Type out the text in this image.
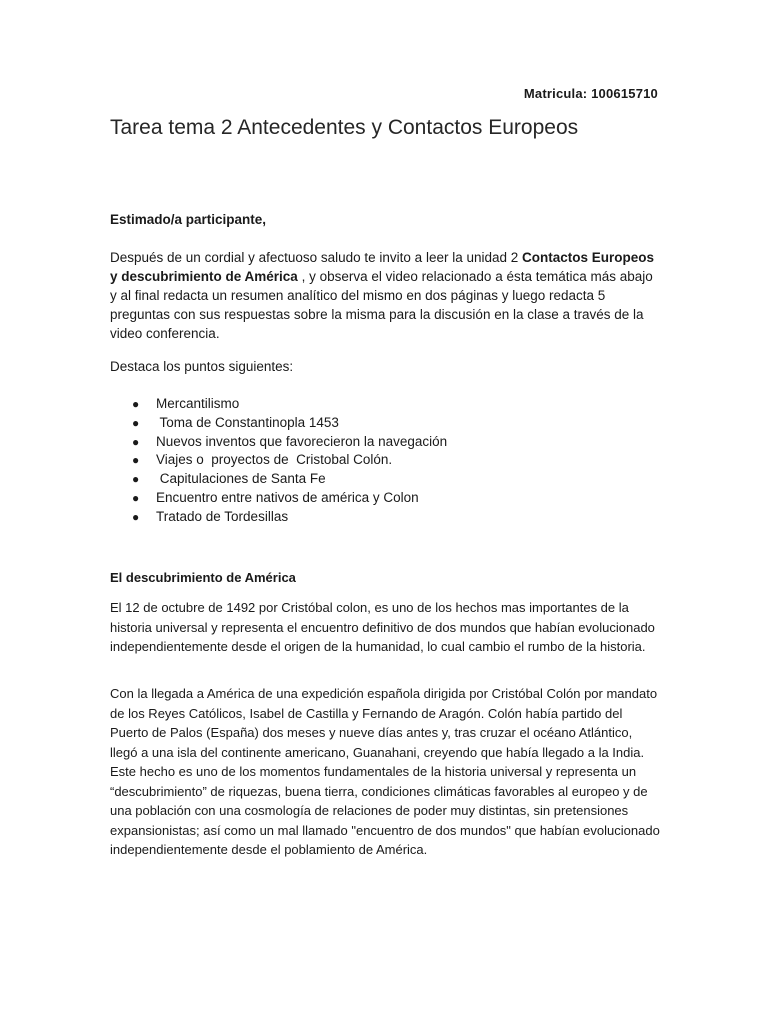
Matricula: 100615710
Tarea tema 2 Antecedentes y Contactos Europeos
Estimado/a participante,

Después de un cordial y afectuoso saludo te invito a leer la unidad 2 Contactos Europeos y descubrimiento de América , y observa el video relacionado a ésta temática más abajo y al final redacta un resumen analítico del mismo en dos páginas y luego redacta 5 preguntas con sus respuestas sobre la misma para la discusión en la clase a través de la video conferencia.

Destaca los puntos siguientes:
● Mercantilismo
● Toma de Constantinopla 1453
● Nuevos inventos que favorecieron la navegación
● Viajes o  proyectos de  Cristobal Colón.
● Capitulaciones de Santa Fe
● Encuentro entre nativos de américa y Colon
● Tratado de Tordesillas
El descubrimiento de América

El 12 de octubre de 1492 por Cristóbal colon, es uno de los hechos mas importantes de la historia universal y representa el encuentro definitivo de dos mundos que habían evolucionado independientemente desde el origen de la humanidad, lo cual cambio el rumbo de la historia.

Con la llegada a América de una expedición española dirigida por Cristóbal Colón por mandato de los Reyes Católicos, Isabel de Castilla y Fernando de Aragón. Colón había partido del Puerto de Palos (España) dos meses y nueve días antes y, tras cruzar el océano Atlántico, llegó a una isla del continente americano, Guanahani, creyendo que había llegado a la India. Este hecho es uno de los momentos fundamentales de la historia universal y representa un “descubrimiento” de riquezas, buena tierra, condiciones climáticas favorables al europeo y de una población con una cosmología de relaciones de poder muy distintas, sin pretensiones expansionistas; así como un mal llamado "encuentro de dos mundos" que habían evolucionado independientemente desde el poblamiento de América.
